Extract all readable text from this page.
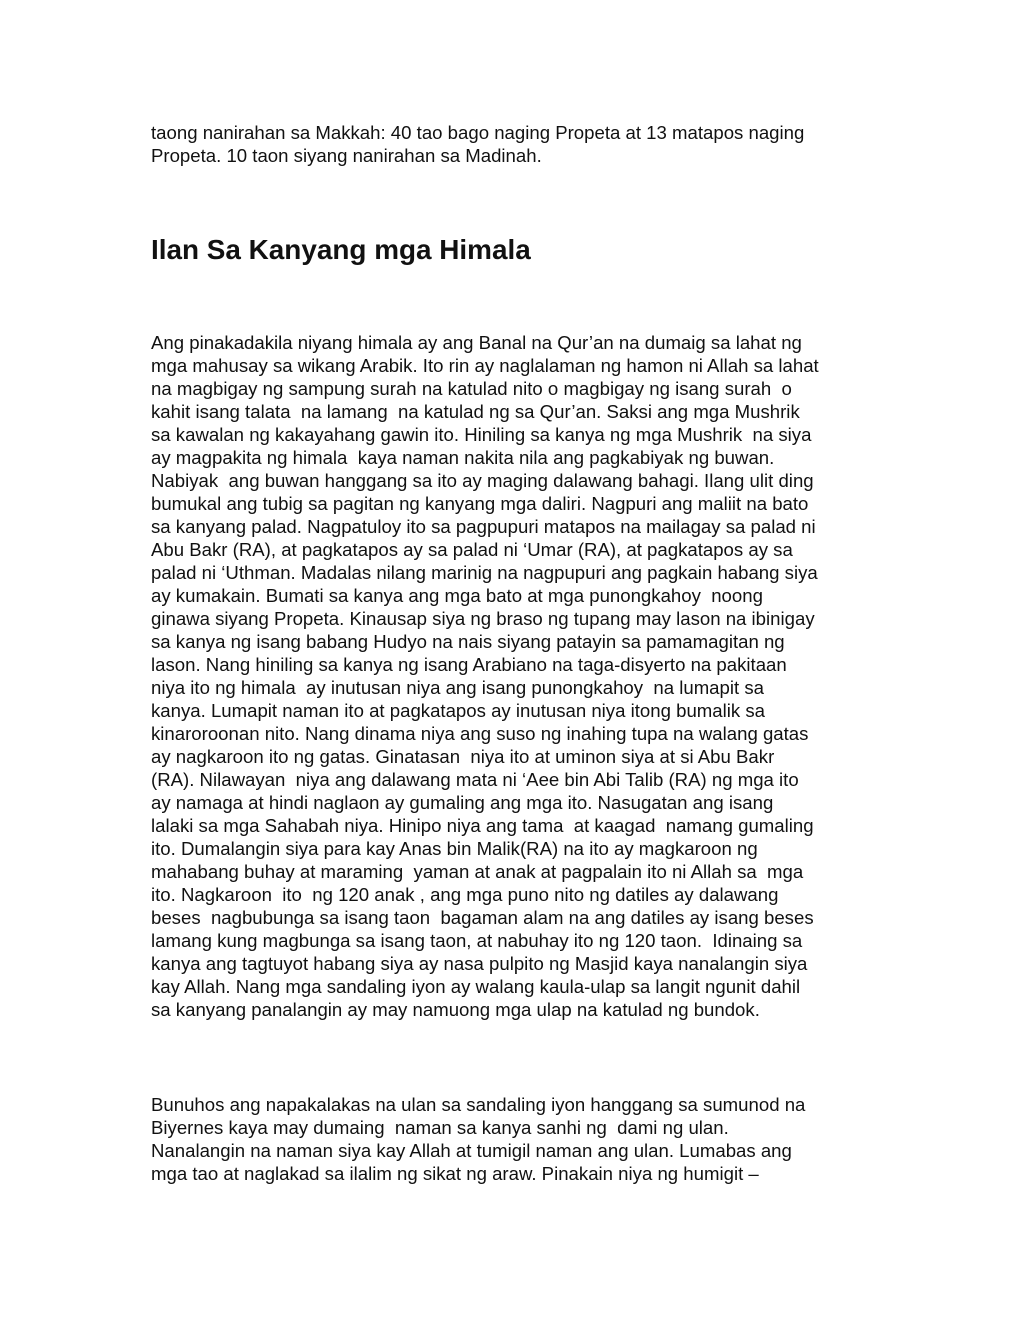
taong nanirahan sa Makkah: 40 tao bago naging Propeta at 13 matapos naging
Propeta. 10 taon siyang nanirahan sa Madinah.

Ilan Sa Kanyang mga Himala

Ang pinakadakila niyang himala ay ang Banal na Qur’an na dumaig sa lahat ng
mga mahusay sa wikang Arabik. Ito rin ay naglalaman ng hamon ni Allah sa lahat
na magbigay ng sampung surah na katulad nito o magbigay ng isang surah  o
kahit isang talata  na lamang  na katulad ng sa Qur’an. Saksi ang mga Mushrik
sa kawalan ng kakayahang gawin ito. Hiniling sa kanya ng mga Mushrik  na siya
ay magpakita ng himala  kaya naman nakita nila ang pagkabiyak ng buwan.
Nabiyak  ang buwan hanggang sa ito ay maging dalawang bahagi. Ilang ulit ding
bumukal ang tubig sa pagitan ng kanyang mga daliri. Nagpuri ang maliit na bato
sa kanyang palad. Nagpatuloy ito sa pagpupuri matapos na mailagay sa palad ni
Abu Bakr (RA), at pagkatapos ay sa palad ni ‘Umar (RA), at pagkatapos ay sa
palad ni ‘Uthman. Madalas nilang marinig na nagpupuri ang pagkain habang siya
ay kumakain. Bumati sa kanya ang mga bato at mga punongkahoy  noong
ginawa siyang Propeta. Kinausap siya ng braso ng tupang may lason na ibinigay
sa kanya ng isang babang Hudyo na nais siyang patayin sa pamamagitan ng
lason. Nang hiniling sa kanya ng isang Arabiano na taga-disyerto na pakitaan
niya ito ng himala  ay inutusan niya ang isang punongkahoy  na lumapit sa
kanya. Lumapit naman ito at pagkatapos ay inutusan niya itong bumalik sa
kinaroroonan nito. Nang dinama niya ang suso ng inahing tupa na walang gatas
ay nagkaroon ito ng gatas. Ginatasan  niya ito at uminon siya at si Abu Bakr
(RA). Nilawayan  niya ang dalawang mata ni ‘Aee bin Abi Talib (RA) ng mga ito
ay namaga at hindi naglaon ay gumaling ang mga ito. Nasugatan ang isang
lalaki sa mga Sahabah niya. Hinipo niya ang tama  at kaagad  namang gumaling
ito. Dumalangin siya para kay Anas bin Malik(RA) na ito ay magkaroon ng
mahabang buhay at maraming  yaman at anak at pagpalain ito ni Allah sa  mga
ito. Nagkaroon  ito  ng 120 anak , ang mga puno nito ng datiles ay dalawang
beses  nagbubunga sa isang taon  bagaman alam na ang datiles ay isang beses
lamang kung magbunga sa isang taon, at nabuhay ito ng 120 taon.  Idinaing sa
kanya ang tagtuyot habang siya ay nasa pulpito ng Masjid kaya nanalangin siya
kay Allah. Nang mga sandaling iyon ay walang kaula-ulap sa langit ngunit dahil
sa kanyang panalangin ay may namuong mga ulap na katulad ng bundok.

Bunuhos ang napakalakas na ulan sa sandaling iyon hanggang sa sumunod na
Biyernes kaya may dumaing  naman sa kanya sanhi ng  dami ng ulan.
Nanalangin na naman siya kay Allah at tumigil naman ang ulan. Lumabas ang
mga tao at naglakad sa ilalim ng sikat ng araw. Pinakain niya ng humigit –
